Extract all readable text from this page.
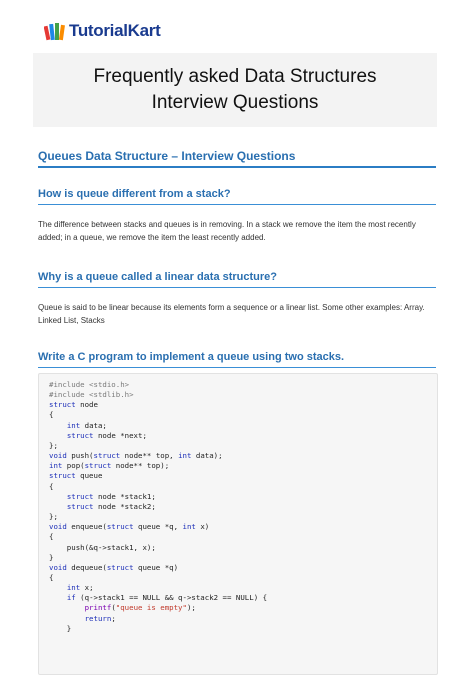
TutorialKart
Frequently asked Data Structures Interview Questions
Queues Data Structure – Interview Questions
How is queue different from a stack?

The difference between stacks and queues is in removing. In a stack we remove the item the most recently added; in a queue, we remove the item the least recently added.

Why is a queue called a linear data structure?

Queue is said to be linear because its elements form a sequence or a linear list. Some other examples: Array. Linked List, Stacks

Write a C program to implement a queue using two stacks.
#include <stdio.h>
#include <stdlib.h>
struct node
{
int data;
struct node *next;
};
void push(struct node** top, int data);
int pop(struct node** top);
struct queue
{
struct node *stack1;
struct node *stack2;
};
void enqueue(struct queue *q, int x)
{
push(&q->stack1, x);
}
void dequeue(struct queue *q)
{
int x;
if (q->stack1 == NULL && q->stack2 == NULL) {
printf("queue is empty");
return;
}
